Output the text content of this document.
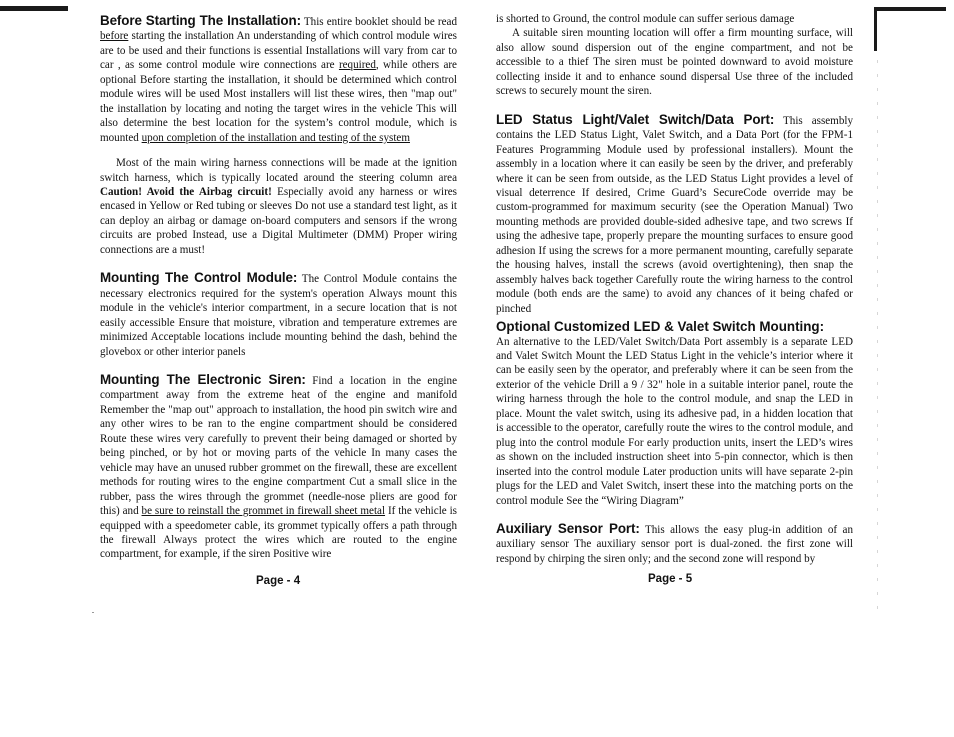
Before Starting The Installation: This entire booklet should be read before starting the installation An understanding of which control module wires are to be used and their functions is essential Installations will vary from car to car , as some control module wire connections are required, while others are optional Before starting the installation, it should be determined which control module wires will be used Most installers will list these wires, then "map out" the installation by locating and noting the target wires in the vehicle This will also determine the best location for the system’s control module, which is mounted upon completion of the installation and testing of the system

Most of the main wiring harness connections will be made at the ignition switch harness, which is typically located around the steering column area Caution! Avoid the Airbag circuit! Especially avoid any harness or wires encased in Yellow or Red tubing or sleeves Do not use a standard test light, as it can deploy an airbag or damage on-board computers and sensors if the wrong circuits are probed Instead, use a Digital Multimeter (DMM) Proper wiring connections are a must!

Mounting The Control Module: The Control Module contains the necessary electronics required for the system's operation Always mount this module in the vehicle's interior compartment, in a secure location that is not easily accessible Ensure that moisture, vibration and temperature extremes are minimized Acceptable locations include mounting behind the dash, behind the glovebox or other interior panels

Mounting The Electronic Siren: Find a location in the engine compartment away from the extreme heat of the engine and manifold Remember the "map out" approach to installation, the hood pin switch wire and any other wires to be ran to the engine compartment should be considered Route these wires very carefully to prevent their being damaged or shorted by being pinched, or by hot or moving parts of the vehicle In many cases the vehicle may have an unused rubber grommet on the firewall, these are excellent methods for routing wires to the engine compartment Cut a small slice in the rubber, pass the wires through the grommet (needle-nose pliers are good for this) and be sure to reinstall the grommet in firewall sheet metal If the vehicle is equipped with a speedometer cable, its grommet typically offers a path through the firewall Always protect the wires which are routed to the engine compartment, for example, if the siren Positive wire

Page - 4

is shorted to Ground, the control module can suffer serious damage

A suitable siren mounting location will offer a firm mounting surface, will also allow sound dispersion out of the engine compartment, and not be accessible to a thief The siren must be pointed downward to avoid moisture collecting inside it and to enhance sound dispersal Use three of the included screws to securely mount the siren.

LED Status Light/Valet Switch/Data Port: This assembly contains the LED Status Light, Valet Switch, and a Data Port (for the FPM-1 Features Programming Module used by professional installers). Mount the assembly in a location where it can easily be seen by the driver, and preferably where it can be seen from outside, as the LED Status Light provides a level of visual deterrence If desired, Crime Guard’s SecureCode override may be custom-programmed for maximum security (see the Operation Manual) Two mounting methods are provided double-sided adhesive tape, and two screws If using the adhesive tape, properly prepare the mounting surfaces to ensure good adhesion If using the screws for a more permanent mounting, carefully separate the housing halves, install the screws (avoid overtightening), then snap the assembly halves back together Carefully route the wiring harness to the control module (both ends are the same) to avoid any chances of it being chafed or pinched

Optional Customized LED & Valet Switch Mounting:

An alternative to the LED/Valet Switch/Data Port assembly is a separate LED and Valet Switch Mount the LED Status Light in the vehicle’s interior where it can be easily seen by the operator, and preferably where it can be seen from the exterior of the vehicle Drill a 9 / 32" hole in a suitable interior panel, route the wiring harness through the hole to the control module, and snap the LED in place. Mount the valet switch, using its adhesive pad, in a hidden location that is accessible to the operator, carefully route the wires to the control module, and plug into the control module For early production units, insert the LED’s wires as shown on the included instruction sheet into 5-pin connector, which is then inserted into the control module Later production units will have separate 2-pin plugs for the LED and Valet Switch, insert these into the matching ports on the control module See the “Wiring Diagram”

Auxiliary Sensor Port: This allows the easy plug-in addition of an auxiliary sensor The auxiliary sensor port is dual-zoned. the first zone will respond by chirping the siren only; and the second zone will respond by

Page - 5
